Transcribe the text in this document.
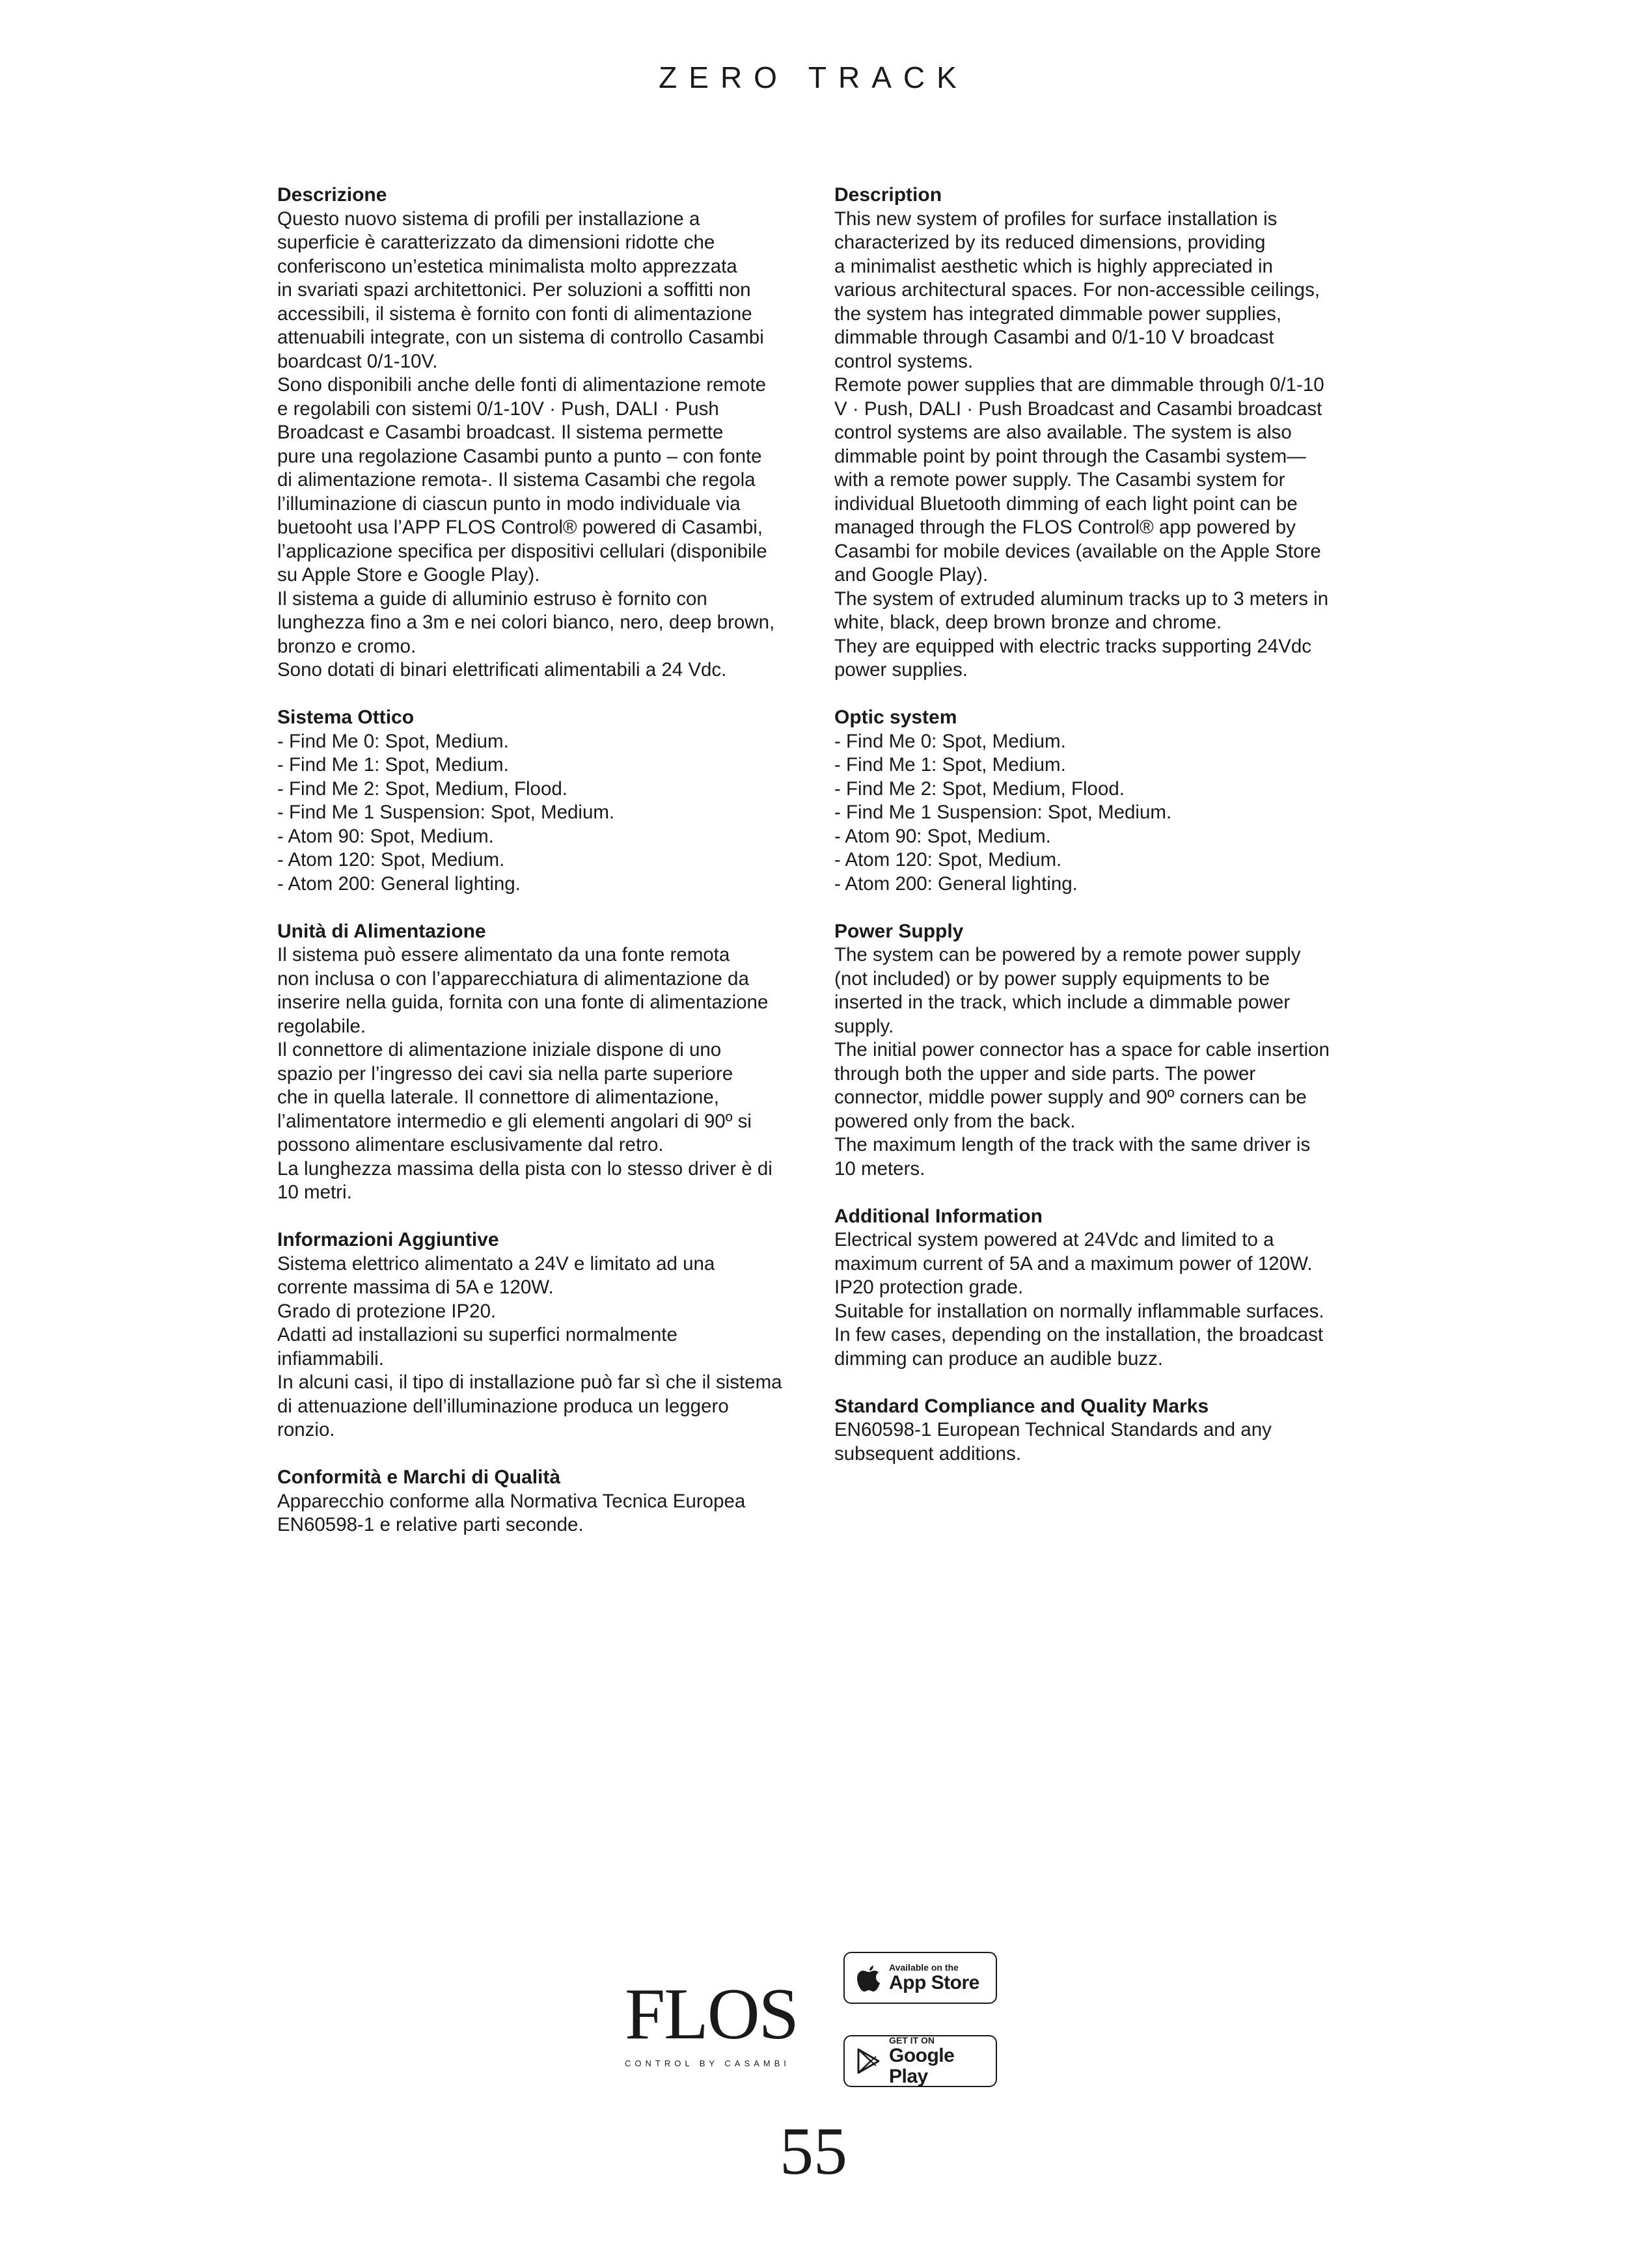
ZERO TRACK
Descrizione
Questo nuovo sistema di profili per installazione a
superficie è caratterizzato da dimensioni ridotte che
conferiscono un’estetica minimalista molto apprezzata
in svariati spazi architettonici. Per soluzioni a soffitti non
accessibili, il sistema è fornito con fonti di alimentazione
attenuabili integrate, con un sistema di controllo Casambi
boardcast 0/1-10V.
Sono disponibili anche delle fonti di alimentazione remote
e regolabili con sistemi 0/1-10V · Push, DALI · Push
Broadcast e Casambi broadcast. Il sistema permette
pure una regolazione Casambi punto a punto – con fonte
di alimentazione remota-. Il sistema Casambi che regola
l’illuminazione di ciascun punto in modo individuale via
buetooht usa l’APP FLOS Control® powered di Casambi,
l’applicazione specifica per dispositivi cellulari (disponibile
su Apple Store e Google Play).
Il sistema a guide di alluminio estruso è fornito con
lunghezza fino a 3m e nei colori bianco, nero, deep brown,
bronzo e cromo.
Sono dotati di binari elettrificati alimentabili a 24 Vdc.
Sistema Ottico
- Find Me 0: Spot, Medium.
- Find Me 1: Spot, Medium.
- Find Me 2: Spot, Medium, Flood.
- Find Me 1 Suspension: Spot, Medium.
- Atom 90: Spot, Medium.
- Atom 120: Spot, Medium.
- Atom 200: General lighting.
Unità di Alimentazione
Il sistema può essere alimentato da una fonte remota
non inclusa o con l’apparecchiatura di alimentazione da
inserire nella guida, fornita con una fonte di alimentazione
regolabile.
Il connettore di alimentazione iniziale dispone di uno
spazio per l’ingresso dei cavi sia nella parte superiore
che in quella laterale. Il connettore di alimentazione,
l’alimentatore intermedio e gli elementi angolari di 90º si
possono alimentare esclusivamente dal retro.
La lunghezza massima della pista con lo stesso driver è di
10 metri.
Informazioni Aggiuntive
Sistema elettrico alimentato a 24V e limitato ad una
corrente massima di 5A e 120W.
Grado di protezione IP20.
Adatti ad installazioni su superfici normalmente
infiammabili.
In alcuni casi, il tipo di installazione può far sì che il sistema
di attenuazione dell’illuminazione produca un leggero
ronzio.
Conformità e Marchi di Qualità
Apparecchio conforme alla Normativa Tecnica Europea
EN60598-1 e relative parti seconde.
Description
This new system of profiles for surface installation is
characterized by its reduced dimensions, providing
a minimalist aesthetic which is highly appreciated in
various architectural spaces. For non-accessible ceilings,
the system has integrated dimmable power supplies,
dimmable through Casambi and 0/1-10 V broadcast
control systems.
Remote power supplies that are dimmable through 0/1-10
V · Push, DALI · Push Broadcast and Casambi broadcast
control systems are also available. The system is also
dimmable point by point through the Casambi system—
with a remote power supply. The Casambi system for
individual Bluetooth dimming of each light point can be
managed through the FLOS Control® app powered by
Casambi for mobile devices (available on the Apple Store
and Google Play).
The system of extruded aluminum tracks up to 3 meters in
white, black, deep brown bronze and chrome.
They are equipped with electric tracks supporting 24Vdc
power supplies.
Optic system
- Find Me 0: Spot, Medium.
- Find Me 1: Spot, Medium.
- Find Me 2: Spot, Medium, Flood.
- Find Me 1 Suspension: Spot, Medium.
- Atom 90: Spot, Medium.
- Atom 120: Spot, Medium.
- Atom 200: General lighting.
Power Supply
The system can be powered by a remote power supply
(not included) or by power supply equipments to be
inserted in the track, which include a dimmable power
supply.
The initial power connector has a space for cable insertion
through both the upper and side parts. The power
connector, middle power supply and 90º corners can be
powered only from the back.
The maximum length of the track with the same driver is
10 meters.
Additional Information
Electrical system powered at 24Vdc and limited to a
maximum current of 5A and a maximum power of 120W.
IP20 protection grade.
Suitable for installation on normally inflammable surfaces.
In few cases, depending on the installation, the broadcast
dimming can produce an audible buzz.
Standard Compliance and Quality Marks
EN60598-1 European Technical Standards and any
subsequent additions.
FLOS
CONTROL BY CASAMBI
Available on the
App Store
GET IT ON
Google Play
55
